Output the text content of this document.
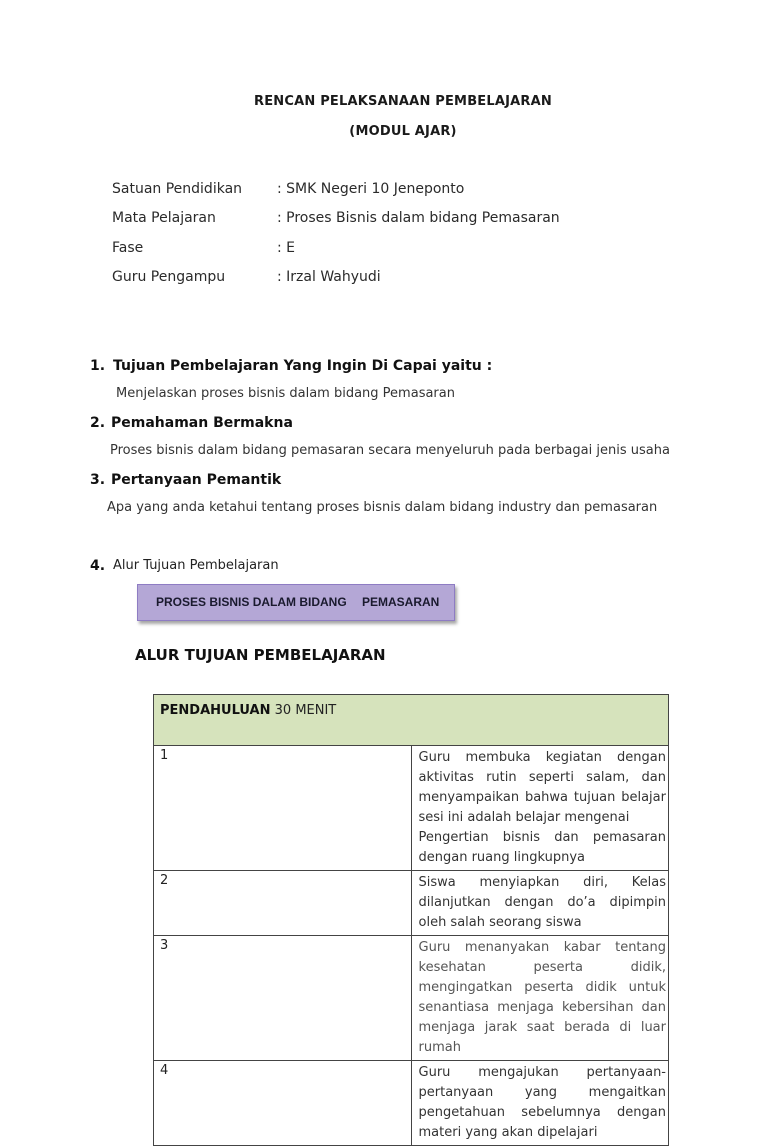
RENCAN PELAKSANAAN PEMBELAJARAN
(MODUL AJAR)
Satuan Pendidikan	: SMK Negeri 10 Jeneponto
Mata Pelajaran	: Proses Bisnis dalam bidang Pemasaran
Fase	: E
Guru Pengampu	: Irzal Wahyudi
1. Tujuan Pembelajaran Yang Ingin Di Capai yaitu :
Menjelaskan proses bisnis dalam bidang Pemasaran
2. Pemahaman Bermakna
Proses bisnis dalam bidang pemasaran secara menyeluruh pada berbagai jenis usaha
3. Pertanyaan Pemantik
Apa yang anda ketahui tentang proses bisnis dalam bidang industry dan pemasaran
4. Alur Tujuan Pembelajaran
PROSES BISNIS DALAM BIDANG PEMASARAN
ALUR TUJUAN PEMBELAJARAN
PENDAHULUAN 30 MENIT	
1	Guru membuka kegiatan dengan aktivitas rutin seperti salam, dan menyampaikan bahwa tujuan belajar sesi ini adalah belajar mengenai

Pengertian bisnis dan pemasaran dengan ruang lingkupnya

2	Siswa menyiapkan diri, Kelas dilanjutkan dengan do’a dipimpin oleh salah seorang siswa

3	Guru menanyakan kabar tentang kesehatan peserta didik, mengingatkan peserta didik untuk senantiasa menjaga kebersihan dan menjaga jarak saat berada di luar rumah

4	Guru mengajukan pertanyaan-pertanyaan yang mengaitkan pengetahuan sebelumnya dengan materi yang akan dipelajari
